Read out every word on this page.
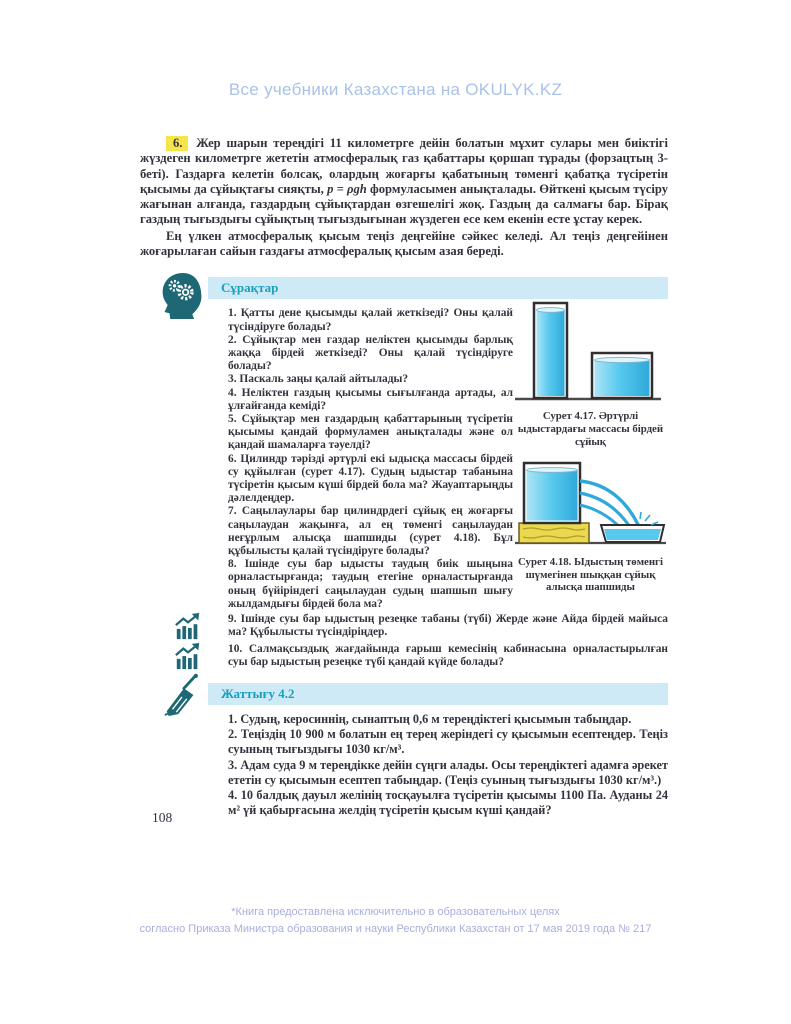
Все учебники Казахстана на OKULYK.KZ

6. Жер шарын тереңдігі 11 километрге дейін болатын мұхит сулары мен биіктігі жүздеген километрге жететін атмосфералық газ қабаттары қоршап тұрады (форзацтың 3-беті). Газдарға келетін болсақ, олардың жоғарғы қабатының төменгі қабатқа түсіретін қысымы да сұйықтағы сияқты, p = ρgh формуласымен анықталады. Өйткені қысым түсіру жағынан алғанда, газдардың сұйықтардан өзгешелігі жоқ. Газдың да салмағы бар. Бірақ газдың тығыздығы сұйықтың тығыздығынан жүздеген есе кем екенін есте ұстау керек.

Ең үлкен атмосфералық қысым теңіз деңгейіне сәйкес келеді. Ал теңіз деңгейінен жоғарылаған сайын газдағы атмосфералық қысым азая береді.

Сұрақтар

1. Қатты дене қысымды қалай жеткізеді? Оны қалай түсіндіруге болады?

2. Сұйықтар мен газдар неліктен қысымды барлық жаққа бірдей жеткізеді? Оны қалай түсіндіруге болады?

3. Паскаль заңы қалай айтылады?

4. Неліктен газдың қысымы сығылғанда артады, ал ұлғайғанда кеміді?

5. Сұйықтар мен газдардың қабаттарының түсіретін қысымы қандай формуламен анықталады және ол қандай шамаларға тәуелді?

6. Цилиндр тәрізді әртүрлі екі ыдысқа массасы бірдей су құйылған (сурет 4.17). Судың ыдыстар табанына түсіретін қысым күші бірдей бола ма? Жауаптарыңды дәлелдеңдер.

7. Саңылаулары бар цилиндрдегі сұйық ең жоғарғы саңылаудан жақынға, ал ең төменгі саңылаудан неғұрлым алысқа шапшиды (сурет 4.18). Бұл құбылысты қалай түсіндіруге болады?

8. Ішінде суы бар ыдысты таудың биік шыңына орналастырғанда; таудың етегіне орналастырғанда оның бүйіріндегі саңылаудан судың шапшып шығу жылдамдығы бірдей бола ма?

Сурет 4.17. Әртүрлі ыдыстардағы массасы бірдей сұйық
Сурет 4.18. Ыдыстың төменгі шүмегінен шыққан сұйық алысқа шапшиды

9. Ішінде суы бар ыдыстың резеңке табаны (түбі) Жерде және Айда бірдей майыса ма? Құбылысты түсіндіріңдер.

10. Салмақсыздық жағдайында ғарыш кемесінің кабинасына орналастырылған суы бар ыдыстың резеңке түбі қандай күйде болады?

Жаттығу 4.2

1. Судың, керосиннің, сынаптың 0,6 м тереңдіктегі қысымын табыңдар.

2. Теңіздің 10 900 м болатын ең терең жеріндегі су қысымын есептеңдер. Теңіз суының тығыздығы 1030 кг/м³.

3. Адам суда 9 м тереңдікке дейін сүңги алады. Осы тереңдіктегі адамға әрекет ететін су қысымын есептеп табыңдар. (Теңіз суының тығыздығы 1030 кг/м³.)

4. 10 балдық дауыл желінің тосқауылға түсіретін қысымы 1100 Па. Ауданы 24 м² үй қабырғасына желдің түсіретін қысым күші қандай?

108
*Книга предоставлена исключительно в образовательных целях
согласно Приказа Министра образования и науки Республики Казахстан от 17 мая 2019 года № 217
